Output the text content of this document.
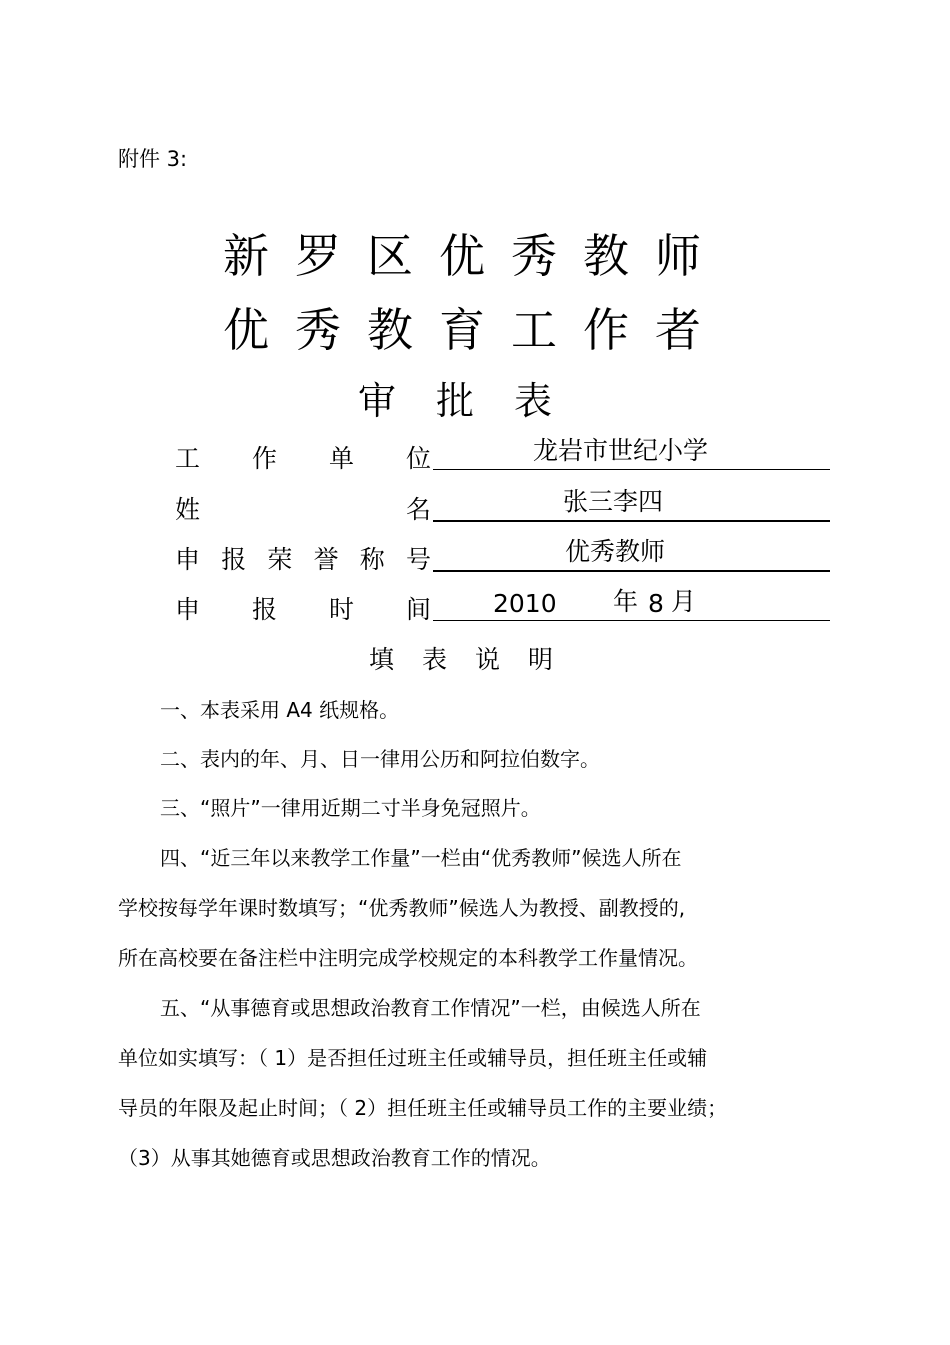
附件 3:
新罗区优秀教师
优秀教育工作者
审批表
工 作 单 位	龙岩市世纪小学
姓	名	张三李四
申 报 荣 誉 称 号	优秀教师
申 报 时 间 2010 年 8 月
填表说明
一、本表采用 A4 纸规格。
二、表内的年、月、日一律用公历和阿拉伯数字。
三、“照片”一律用近期二寸半身免冠照片。
四、“近三年以来教学工作量”一栏由“优秀教师”候选人所在
学校按每学年课时数填写；“优秀教师”候选人为教授、副教授的,
所在高校要在备注栏中注明完成学校规定的本科教学工作量情况。
五、“从事德育或思想政治教育工作情况”一栏，由候选人所在
单位如实填写：（ 1）是否担任过班主任或辅导员，担任班主任或辅
导员的年限及起止时间；（ 2）担任班主任或辅导员工作的主要业绩；
（3）从事其她德育或思想政治教育工作的情况。
